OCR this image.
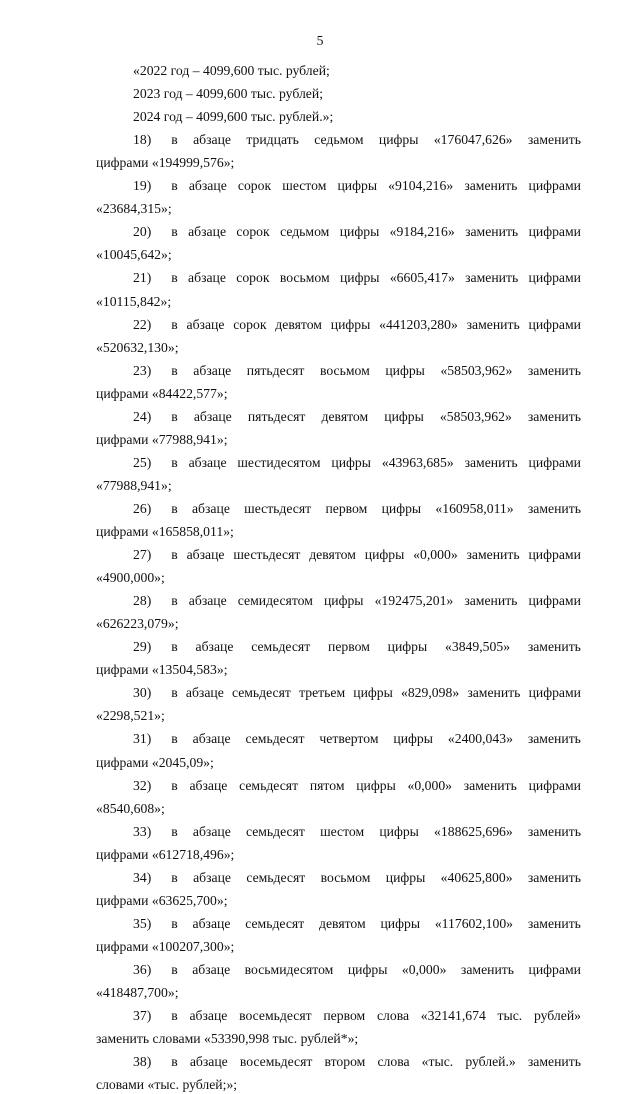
5
«2022 год – 4099,600 тыс. рублей;
2023 год – 4099,600 тыс. рублей;
2024 год – 4099,600 тыс. рублей.»;
18) в абзаце тридцать седьмом цифры «176047,626» заменить
цифрами «194999,576»;
19) в абзаце сорок шестом цифры «9104,216» заменить цифрами
«23684,315»;
20) в абзаце сорок седьмом цифры «9184,216» заменить цифрами
«10045,642»;
21) в абзаце сорок восьмом цифры «6605,417» заменить цифрами
«10115,842»;
22) в абзаце сорок девятом цифры «441203,280» заменить цифрами
«520632,130»;
23) в абзаце пятьдесят восьмом цифры «58503,962» заменить
цифрами «84422,577»;
24) в абзаце пятьдесят девятом цифры «58503,962» заменить
цифрами «77988,941»;
25) в абзаце шестидесятом цифры «43963,685» заменить цифрами
«77988,941»;
26) в абзаце шестьдесят первом цифры «160958,011» заменить
цифрами «165858,011»;
27) в абзаце шестьдесят девятом цифры «0,000» заменить цифрами
«4900,000»;
28) в абзаце семидесятом цифры «192475,201» заменить цифрами
«626223,079»;
29) в абзаце семьдесят первом цифры «3849,505» заменить
цифрами «13504,583»;
30) в абзаце семьдесят третьем цифры «829,098» заменить цифрами
«2298,521»;
31) в абзаце семьдесят четвертом цифры «2400,043» заменить
цифрами «2045,09»;
32) в абзаце семьдесят пятом цифры «0,000» заменить цифрами
«8540,608»;
33) в абзаце семьдесят шестом цифры «188625,696» заменить
цифрами «612718,496»;
34) в абзаце семьдесят восьмом цифры «40625,800» заменить
цифрами «63625,700»;
35) в абзаце семьдесят девятом цифры «117602,100» заменить
цифрами «100207,300»;
36) в абзаце восьмидесятом цифры «0,000» заменить цифрами
«418487,700»;
37) в абзаце восемьдесят первом слова «32141,674 тыс. рублей»
заменить словами «53390,998 тыс. рублей*»;
38) в абзаце восемьдесят втором слова «тыс. рублей.» заменить
словами «тыс. рублей;»;
